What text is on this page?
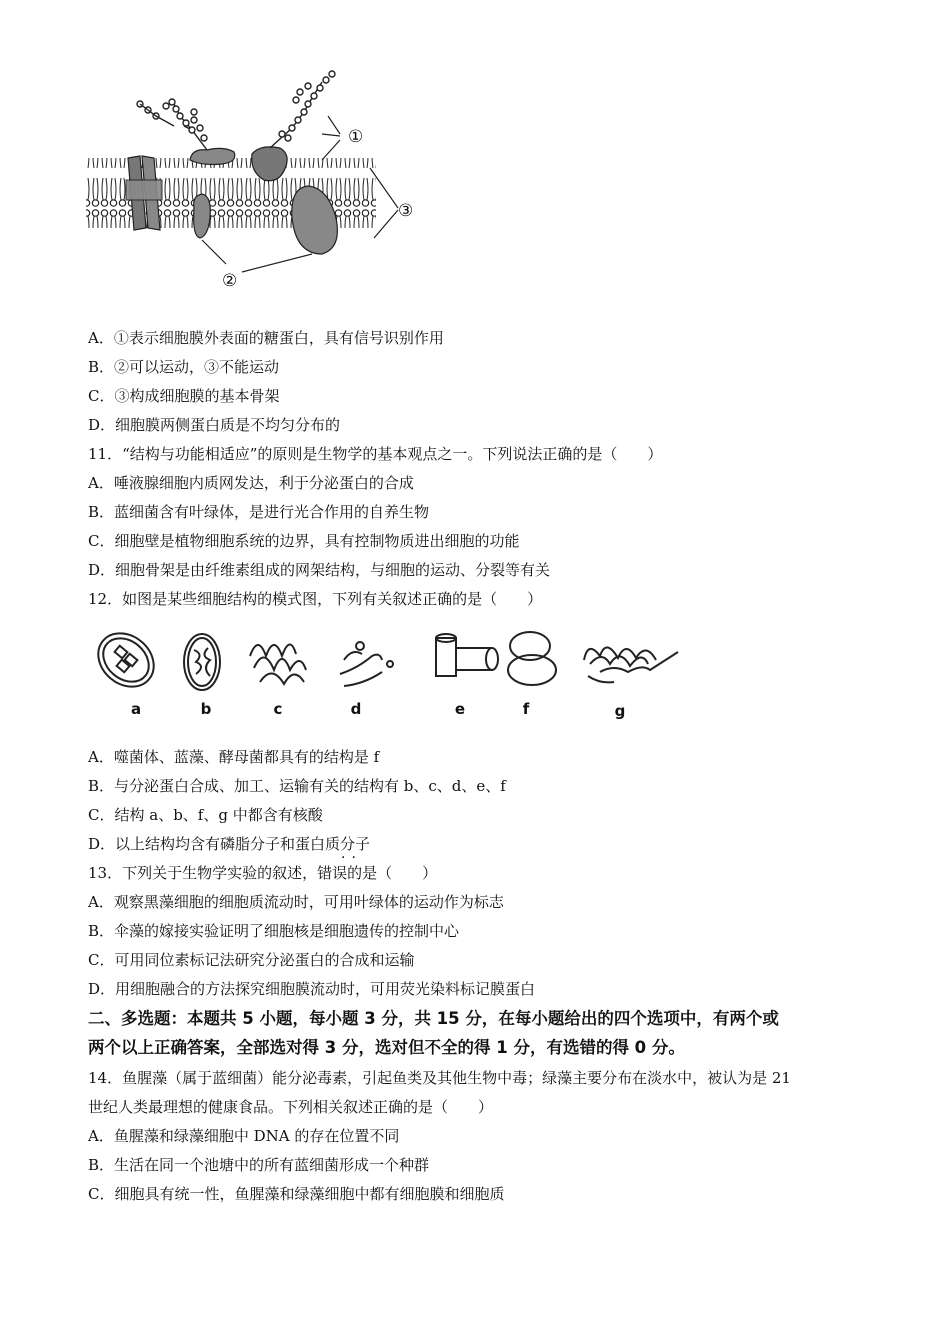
①
②
③
A．①表示细胞膜外表面的糖蛋白，具有信号识别作用
B．②可以运动，③不能运动
C．③构成细胞膜的基本骨架
D．细胞膜两侧蛋白质是不均匀分布的
11．“结构与功能相适应”的原则是生物学的基本观点之一。下列说法正确的是（　　）
A．唾液腺细胞内质网发达，利于分泌蛋白的合成
B．蓝细菌含有叶绿体，是进行光合作用的自养生物
C．细胞壁是植物细胞系统的边界，具有控制物质进出细胞的功能
D．细胞骨架是由纤维素组成的网架结构，与细胞的运动、分裂等有关
12．如图是某些细胞结构的模式图，下列有关叙述正确的是（　　）
a	b	c	d	e	f	g
A．噬菌体、蓝藻、酵母菌都具有的结构是 f
B．与分泌蛋白合成、加工、运输有关的结构有 b、c、d、e、f
C．结构 a、b、f、g 中都含有核酸
D．以上结构均含有磷脂分子和蛋白质分子
··
13．下列关于生物学实验的叙述，错误的是（　　）
A．观察黑藻细胞的细胞质流动时，可用叶绿体的运动作为标志
B．伞藻的嫁接实验证明了细胞核是细胞遗传的控制中心
C．可用同位素标记法研究分泌蛋白的合成和运输
D．用细胞融合的方法探究细胞膜流动时，可用荧光染料标记膜蛋白
二、多选题：本题共 5 小题，每小题 3 分，共 15 分，在每小题给出的四个选项中，有两个或
两个以上正确答案，全部选对得 3 分，选对但不全的得 1 分，有选错的得 0 分。
14．鱼腥藻（属于蓝细菌）能分泌毒素，引起鱼类及其他生物中毒；绿藻主要分布在淡水中，被认为是 21
世纪人类最理想的健康食品。下列相关叙述正确的是（　　）
A．鱼腥藻和绿藻细胞中 DNA 的存在位置不同
B．生活在同一个池塘中的所有蓝细菌形成一个种群
C．细胞具有统一性，鱼腥藻和绿藻细胞中都有细胞膜和细胞质
